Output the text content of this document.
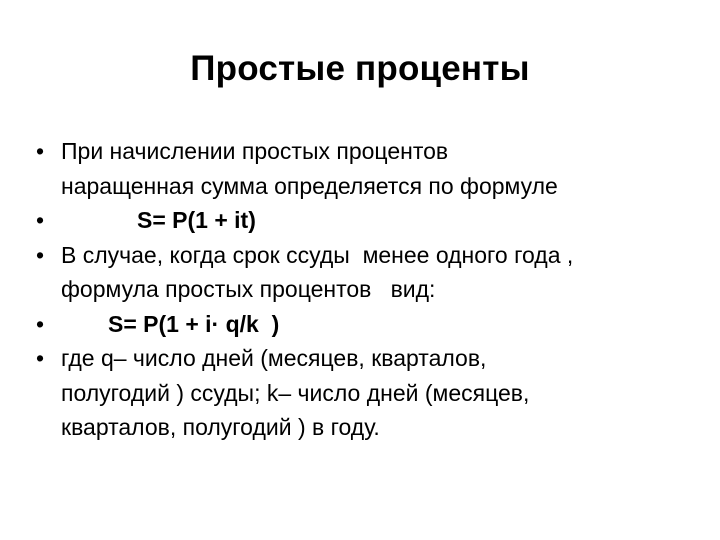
Простые проценты
• При начислении простых процентов
наращенная сумма определяется по формуле
•	S= P(1 + it)
• В случае, когда срок ссуды  менее одного года ,
формула простых процентов   вид:
•	S= P(1 + i· q/k  )
• где q– число дней (месяцев, кварталов,
полугодий ) ссуды; k– число дней (месяцев,
кварталов, полугодий ) в году.
